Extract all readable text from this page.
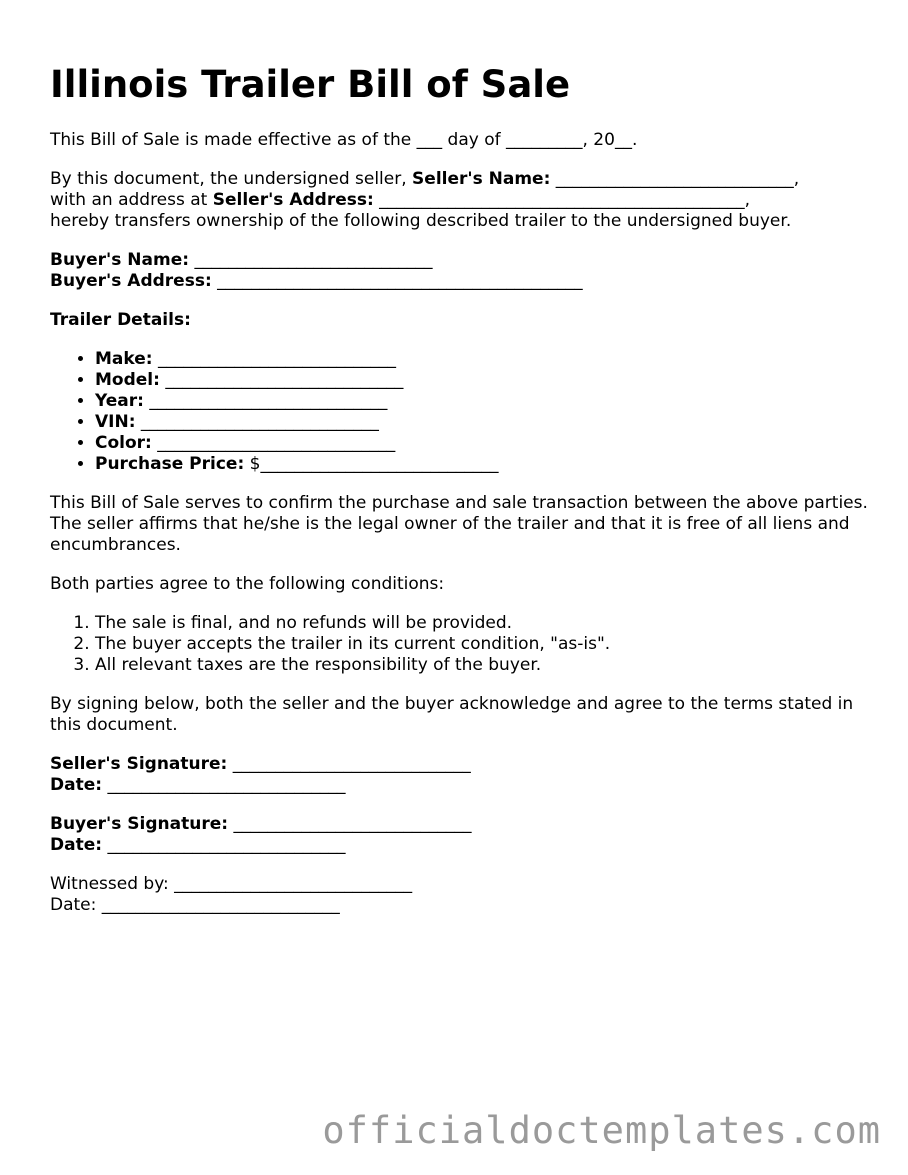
Illinois Trailer Bill of Sale

This Bill of Sale is made effective as of the ___ day of _________, 20__.

By this document, the undersigned seller, Seller's Name: ____________________________,
with an address at Seller's Address: ___________________________________________,
hereby transfers ownership of the following described trailer to the undersigned buyer.

Buyer's Name: ____________________________
Buyer's Address: ___________________________________________

Trailer Details:

• Make: ____________________________
• Model: ____________________________
• Year: ____________________________
• VIN: ____________________________
• Color: ____________________________
• Purchase Price: $____________________________

This Bill of Sale serves to confirm the purchase and sale transaction between the above parties. The seller affirms that he/she is the legal owner of the trailer and that it is free of all liens and encumbrances.

Both parties agree to the following conditions:

1. The sale is final, and no refunds will be provided.
2. The buyer accepts the trailer in its current condition, "as-is".
3. All relevant taxes are the responsibility of the buyer.

By signing below, both the seller and the buyer acknowledge and agree to the terms stated in this document.

Seller's Signature: ____________________________
Date: ____________________________

Buyer's Signature: ____________________________
Date: ____________________________

Witnessed by: ____________________________
Date: ____________________________

officialdoctemplates.com
